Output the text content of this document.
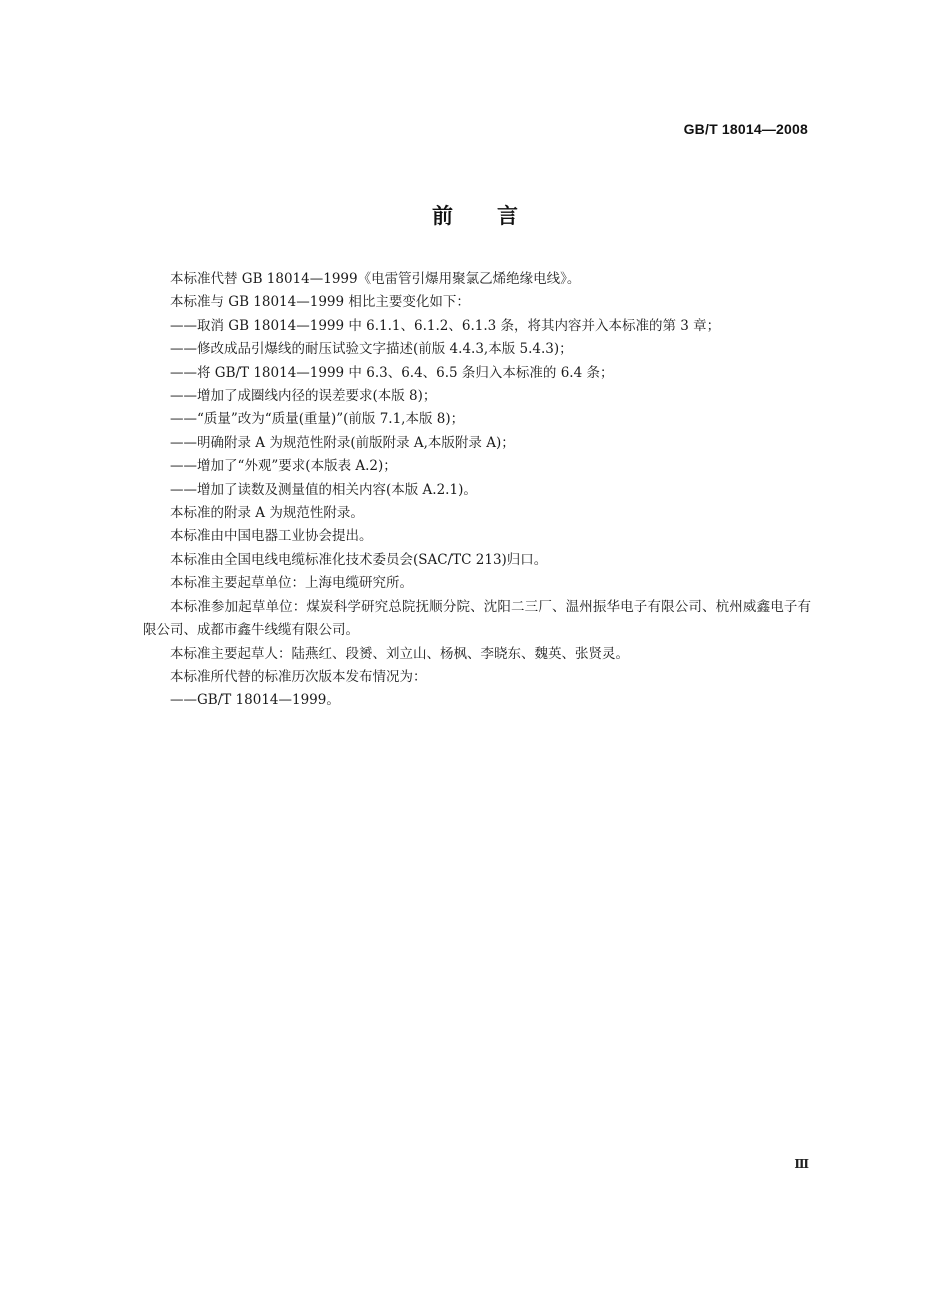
GB/T 18014—2008
前言

本标准代替 GB 18014—1999《电雷管引爆用聚氯乙烯绝缘电线》。

本标准与 GB 18014—1999 相比主要变化如下：

——取消 GB 18014—1999 中 6.1.1、6.1.2、6.1.3 条，将其内容并入本标准的第 3 章；

——修改成品引爆线的耐压试验文字描述(前版 4.4.3,本版 5.4.3)；

——将 GB/T 18014—1999 中 6.3、6.4、6.5 条归入本标准的 6.4 条；

——增加了成圈线内径的误差要求(本版 8)；

——“质量”改为“质量(重量)”(前版 7.1,本版 8)；

——明确附录 A 为规范性附录(前版附录 A,本版附录 A)；

——增加了“外观”要求(本版表 A.2)；

——增加了读数及测量值的相关内容(本版 A.2.1)。

本标准的附录 A 为规范性附录。

本标准由中国电器工业协会提出。

本标准由全国电线电缆标准化技术委员会(SAC/TC 213)归口。

本标准主要起草单位：上海电缆研究所。

本标准参加起草单位：煤炭科学研究总院抚顺分院、沈阳二三厂、温州振华电子有限公司、杭州威鑫电子有限公司、成都市鑫牛线缆有限公司。

本标准主要起草人：陆燕红、段赟、刘立山、杨枫、李晓东、魏英、张贤灵。

本标准所代替的标准历次版本发布情况为：

——GB/T 18014—1999。

Ⅲ
